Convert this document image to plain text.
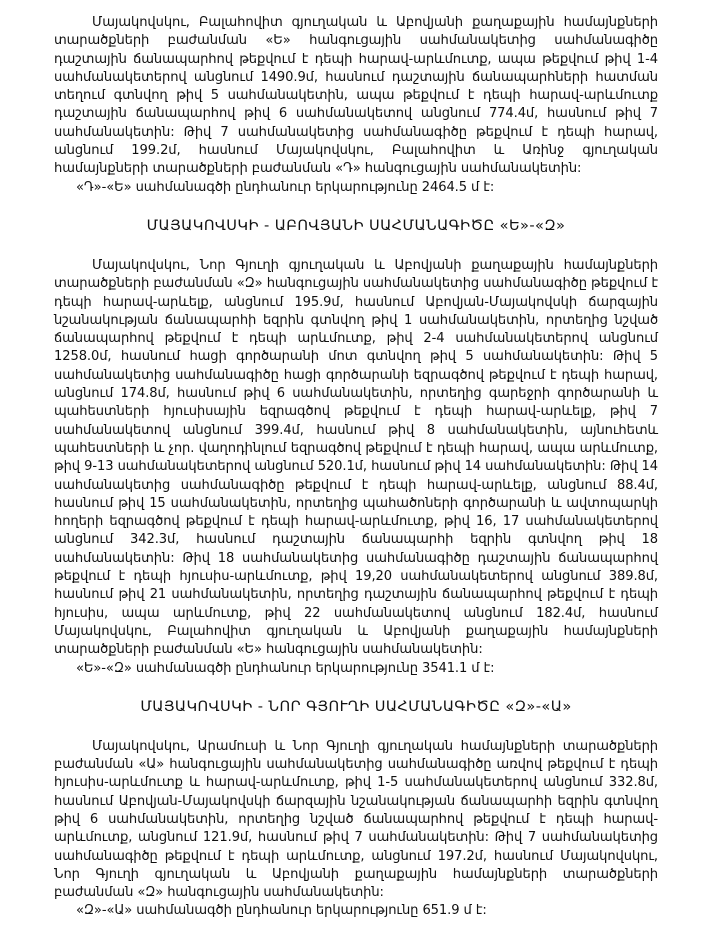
Մայակովսկու, Բալահովիտ գյուղական և Աբովյանի քաղաքային համայնքների տարածքների բաժանման «Ե» հանգուցային սահմանակետից սահմանագիծը դաշտային ճանապարհով թեքվում է դեպի հարավ-արևմուտք, ապա թեքվում թիվ 1-4 սահմանակետերով անցնում 1490.9մ, հասնում դաշտային ճանապարհների հատման տեղում գտնվող թիվ 5 սահմանակետին, ապա թեքվում է դեպի հարավ-արևմուտք դաշտային ճանապարհով թիվ 6 սահմանակետով անցնում 774.4մ, հասնում թիվ 7 սահմանակետին: Թիվ 7 սահմանակետից սահմանագիծը թեքվում է դեպի հարավ, անցնում 199.2մ, հասնում Մայակովսկու, Բալահովիտ և Առինջ գյուղական համայնքների տարածքների բաժանման «Դ» հանգուցային սահմանակետին:

«Դ»-«Ե» սահմանագծի ընդհանուր երկարությունը 2464.5 մ է:

ՄԱՅԱԿՈՎՍԿԻ - ԱԲՈՎՅԱՆԻ ՍԱՀՄԱՆԱԳԻԾԸ «Ե»-«Զ»

Մայակովսկու, Նոր Գյուղի գյուղական և Աբովյանի քաղաքային համայնքների տարածքների բաժանման «Զ» հանգուցային սահմանակետից սահմանագիծը թեքվում է դեպի հարավ-արևելք, անցնում 195.9մ, հասնում Աբովյան-Մայակովսկի ճարզային նշանակության ճանապարհի եզրին գտնվող թիվ 1 սահմանակետին, որտեղից նշված ճանապարհով թեքվում է դեպի արևմուտք, թիվ 2-4 սահմանակետերով անցնում 1258.0մ, հասնում հացի գործարանի մոտ գտնվող թիվ 5 սահմանակետին: Թիվ 5 սահմանակետից սահմանագիծը հացի գործարանի եզրագծով թեքվում է դեպի հարավ, անցնում 174.8մ, հասնում թիվ 6 սահմանակետին, որտեղից գարեջրի գործարանի և պահեստների հյուսիսային եզրագծով թեքվում է դեպի հարավ-արևելք, թիվ 7 սահմանակետով անցնում 399.4մ, հասնում թիվ 8 սահմանակետին, այնուհետև պահեստների և չոր. վաղոդինլում եզրագծով թեքվում է դեպի հարավ, ապա արևմուտք, թիվ 9-13 սահմանակետերով անցնում 520.1մ, հասնում թիվ 14 սահմանակետին: Թիվ 14 սահմանակետից սահմանագիծը թեքվում է դեպի հարավ-արևելք, անցնում 88.4մ, հասնում թիվ 15 սահմանակետին, որտեղից պահածոների գործարանի և ավտոպարկի հողերի եզրագծով թեքվում է դեպի հարավ-արևմուտք, թիվ 16, 17 սահմանակետերով անցնում 342.3մ, հասնում դաշտային ճանապարհի եզրին գտնվող թիվ 18 սահմանակետին: Թիվ 18 սահմանակետից սահմանագիծը դաշտային ճանապարհով թեքվում է դեպի հյուսիս-արևմուտք, թիվ 19,20 սահմանակետերով անցնում 389.8մ, հասնում թիվ 21 սահմանակետին, որտեղից դաշտային ճանապարհով թեքվում է դեպի հյուսիս, ապա արևմուտք, թիվ 22 սահմանակետով անցնում 182.4մ, հասնում Մայակովսկու, Բալահովիտ գյուղական և Աբովյանի քաղաքային համայնքների տարածքների բաժանման «Ե» հանգուցային սահմանակետին:

«Ե»-«Զ» սահմանագծի ընդհանուր երկարությունը 3541.1 մ է:

ՄԱՅԱԿՈՎՍԿԻ - ՆՈՐ ԳՅՈՒՂԻ ՍԱՀՄԱՆԱԳԻԾԸ «Զ»-«Ա»

Մայակովսկու, Արամուսի և Նոր Գյուղի գյուղական համայնքների տարածքների բաժանման «Ա» հանգուցային սահմանակետից սահմանագիծը առվով թեքվում է դեպի հյուսիս-արևմուտք և հարավ-արևմուտք, թիվ 1-5 սահմանակետերով անցնում 332.8մ, հասնում Աբովյան-Մայակովսկի ճարզային նշանակության ճանապարհի եզրին գտնվող թիվ 6 սահմանակետին, որտեղից նշված ճանապարհով թեքվում է դեպի հարավ-արևմուտք, անցնում 121.9մ, հասնում թիվ 7 սահմանակետին: Թիվ 7 սահմանակետից սահմանագիծը թեքվում է դեպի արևմուտք, անցնում 197.2մ, հասնում Մայակովսկու, Նոր Գյուղի գյուղական և Աբովյանի քաղաքային համայնքների տարածքների բաժանման «Զ» հանգուցային սահմանակետին:

«Զ»-«Ա» սահմանագծի ընդհանուր երկարությունը 651.9 մ է:
